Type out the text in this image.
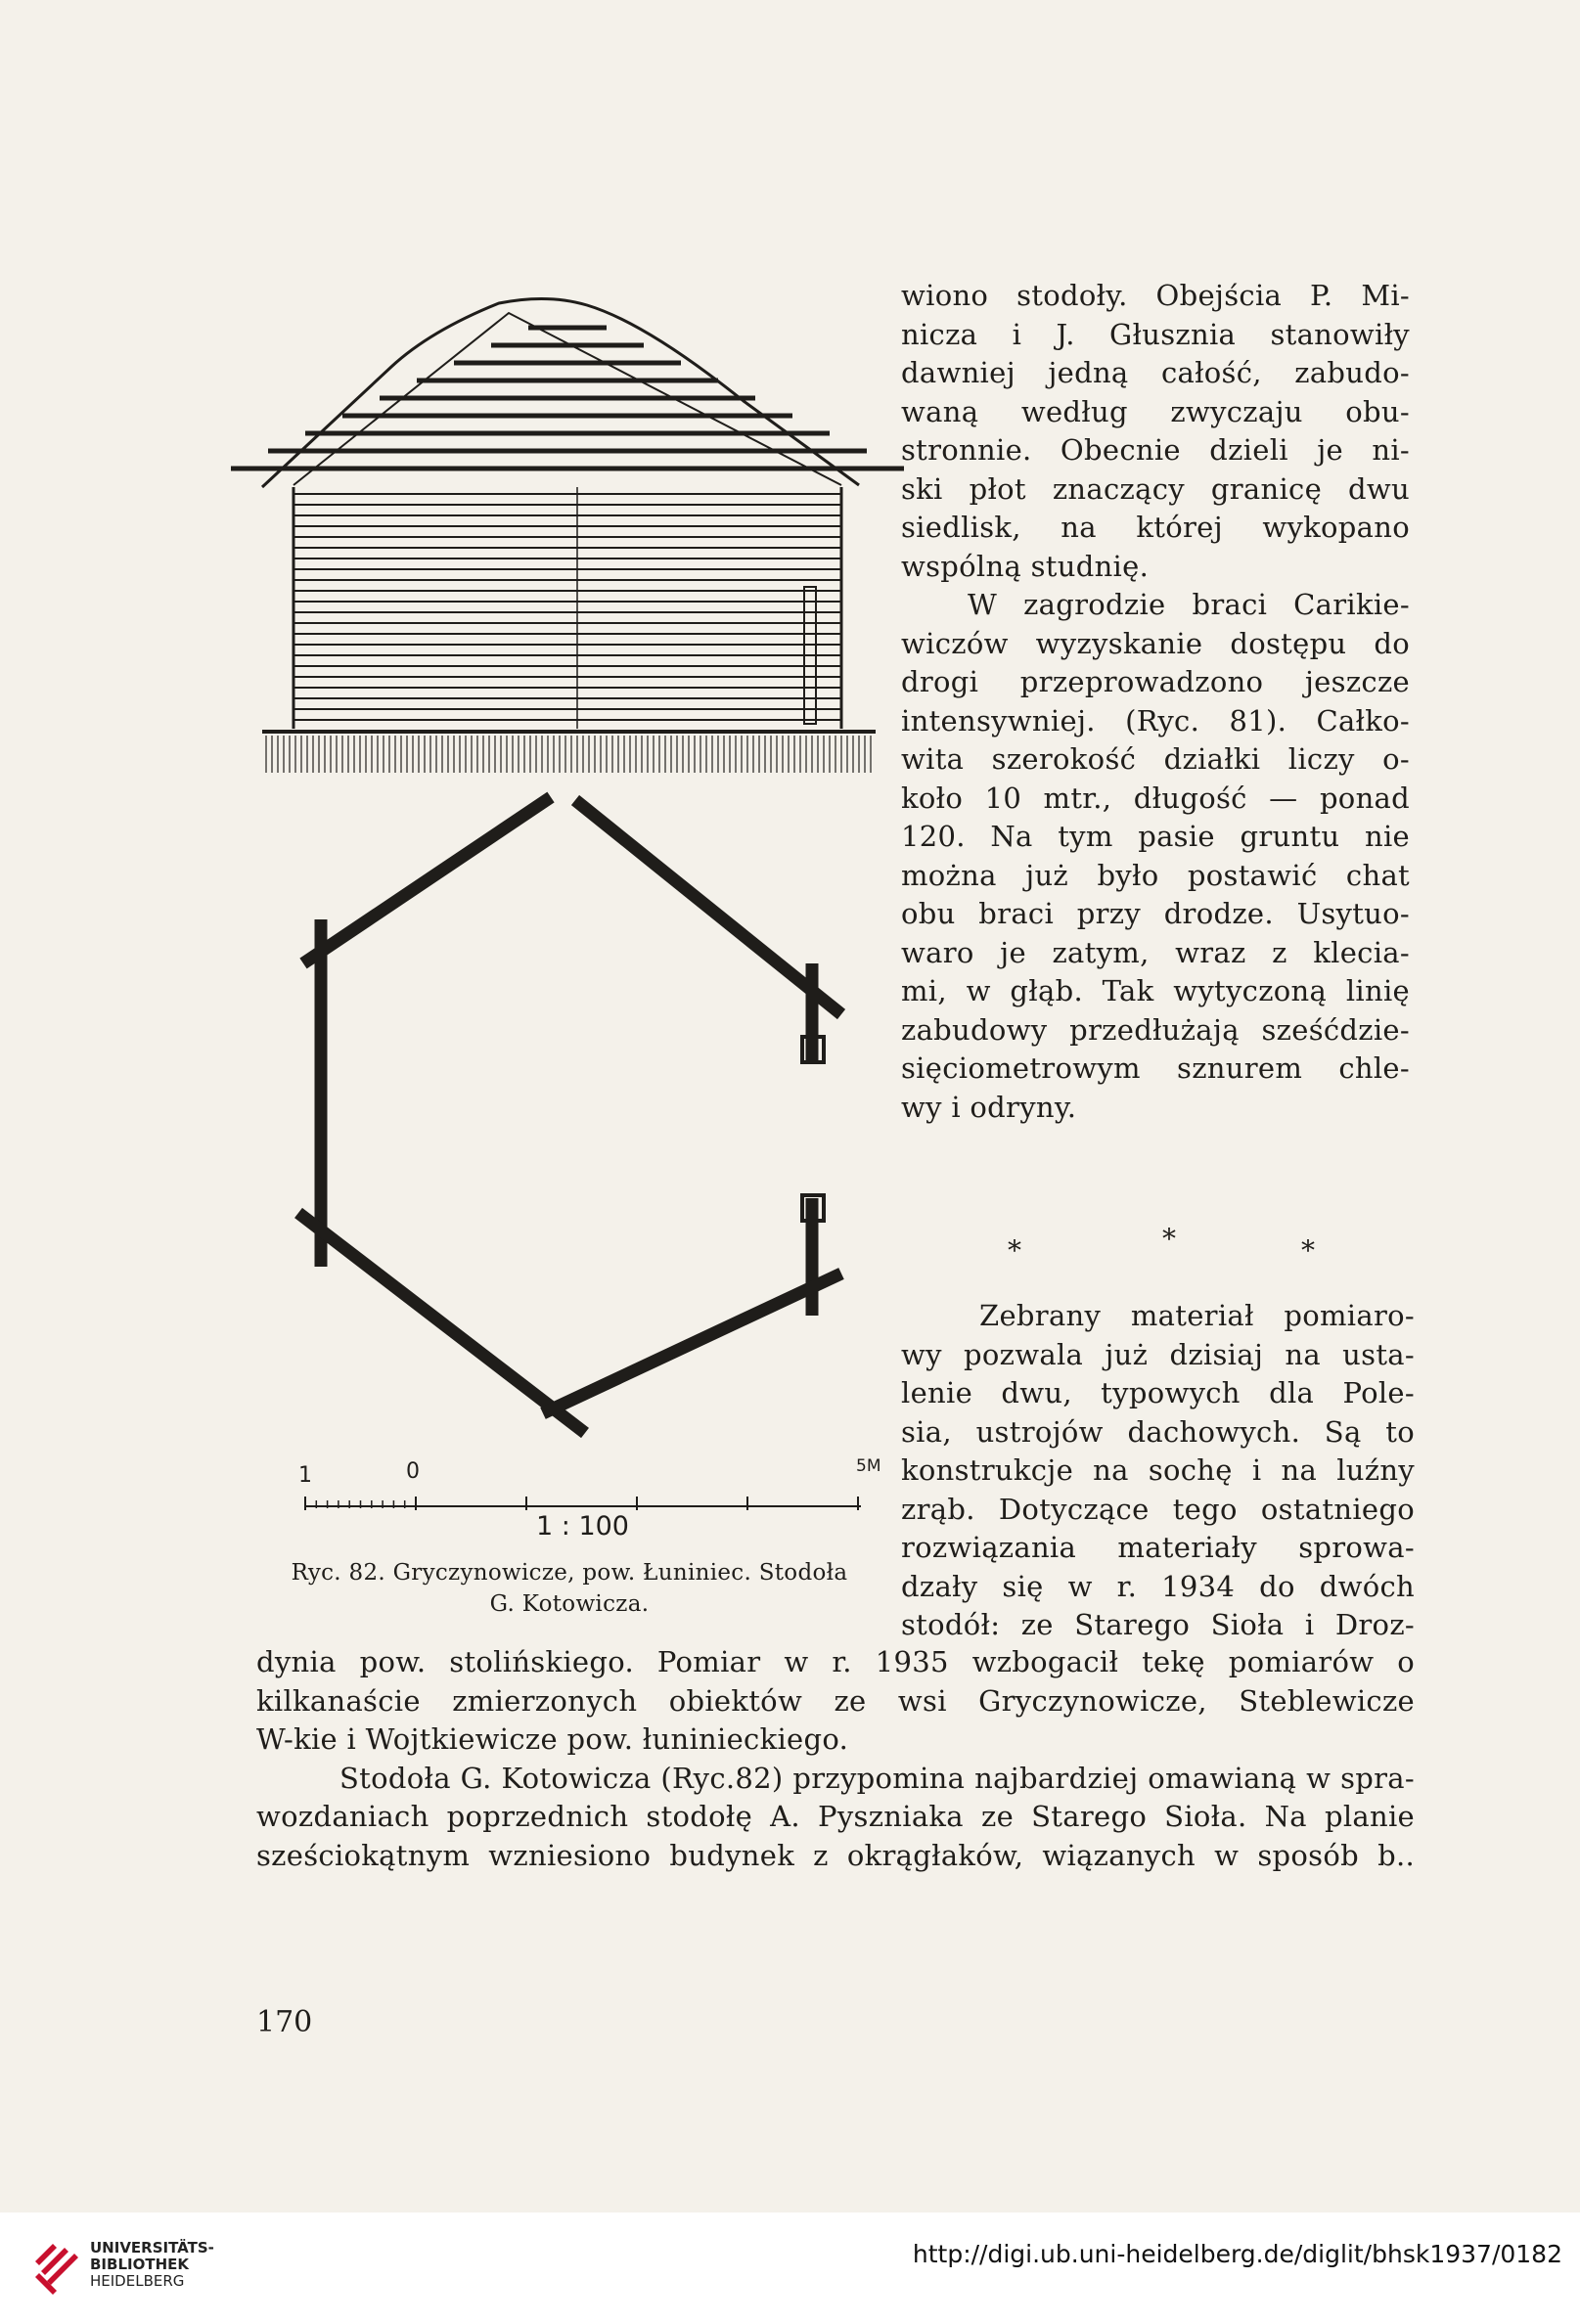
1	0	5M
1 : 100
Ryc. 82. Gryczynowicze, pow. Łuniniec. Stodoła
G. Kotowicza.
wiono stodoły. Obejścia P. Mi-
nicza i J. Głusznia stanowiły
dawniej jedną całość, zabudo-
waną według zwyczaju obu-
stronnie. Obecnie dzieli je ni-
ski płot znaczący granicę dwu
siedlisk, na której wykopano
wspólną studnię.
W zagrodzie braci Carikie-
wiczów wyzyskanie dostępu do
drogi przeprowadzono jeszcze
intensywniej. (Ryc. 81). Całko-
wita szerokość działki liczy o-
koło 10 mtr., długość — ponad
120. Na tym pasie gruntu nie
można już było postawić chat
obu braci przy drodze. Usytuo-
waro je zatym, wraz z klecia-
mi, w głąb. Tak wytyczoną linię
zabudowy przedłużają sześćdzie-
sięciometrowym sznurem chle-
wy i odryny.
*	*	*
Zebrany materiał pomiaro-
wy pozwala już dzisiaj na usta-
lenie dwu, typowych dla Pole-
sia, ustrojów dachowych. Są to
konstrukcje na sochę i na luźny
zrąb. Dotyczące tego ostatniego
rozwiązania materiały sprowa-
dzały się w r. 1934 do dwóch
stodół: ze Starego Sioła i Droz-
dynia pow. stolińskiego. Pomiar w r. 1935 wzbogacił tekę pomiarów o
kilkanaście zmierzonych obiektów ze wsi Gryczynowicze, Steblewicze
W-kie i Wojtkiewicze pow. łuninieckiego.
Stodoła G. Kotowicza (Ryc.82) przypomina najbardziej omawianą w spra-
wozdaniach poprzednich stodołę A. Pyszniaka ze Starego Sioła. Na planie
sześciokątnym wzniesiono budynek z okrągłaków, wiązanych w sposób b..
170
UNIVERSITÄTS-
BIBLIOTHEK
HEIDELBERG
http://digi.ub.uni-heidelberg.de/diglit/bhsk1937/0182
